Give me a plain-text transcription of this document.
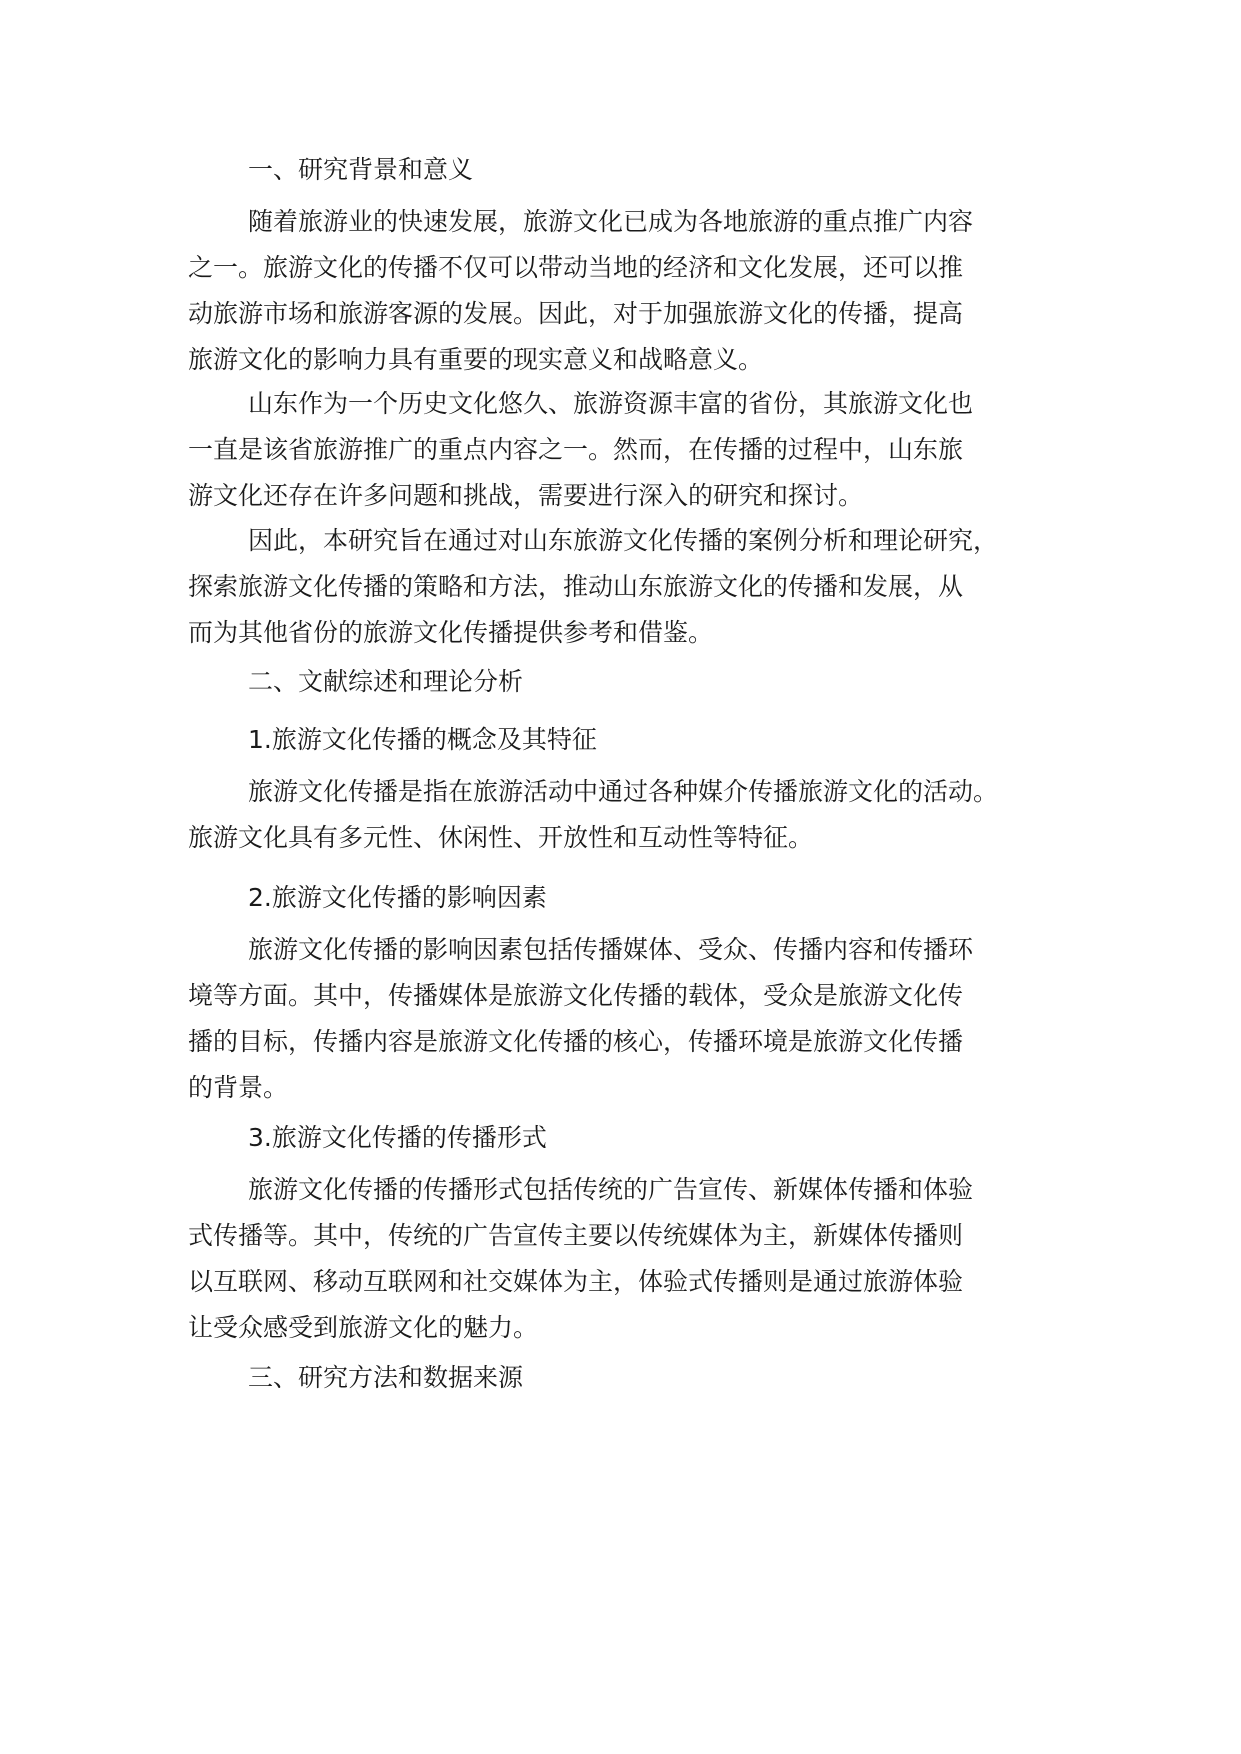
一、研究背景和意义

随着旅游业的快速发展，旅游文化已成为各地旅游的重点推广内容
之一。旅游文化的传播不仅可以带动当地的经济和文化发展，还可以推
动旅游市场和旅游客源的发展。因此，对于加强旅游文化的传播，提高
旅游文化的影响力具有重要的现实意义和战略意义。

山东作为一个历史文化悠久、旅游资源丰富的省份，其旅游文化也
一直是该省旅游推广的重点内容之一。然而，在传播的过程中，山东旅
游文化还存在许多问题和挑战，需要进行深入的研究和探讨。

因此，本研究旨在通过对山东旅游文化传播的案例分析和理论研究，
探索旅游文化传播的策略和方法，推动山东旅游文化的传播和发展，从
而为其他省份的旅游文化传播提供参考和借鉴。

二、文献综述和理论分析

1.旅游文化传播的概念及其特征

旅游文化传播是指在旅游活动中通过各种媒介传播旅游文化的活动。
旅游文化具有多元性、休闲性、开放性和互动性等特征。

2.旅游文化传播的影响因素

旅游文化传播的影响因素包括传播媒体、受众、传播内容和传播环
境等方面。其中，传播媒体是旅游文化传播的载体，受众是旅游文化传
播的目标，传播内容是旅游文化传播的核心，传播环境是旅游文化传播
的背景。

3.旅游文化传播的传播形式

旅游文化传播的传播形式包括传统的广告宣传、新媒体传播和体验
式传播等。其中，传统的广告宣传主要以传统媒体为主，新媒体传播则
以互联网、移动互联网和社交媒体为主，体验式传播则是通过旅游体验
让受众感受到旅游文化的魅力。

三、研究方法和数据来源
